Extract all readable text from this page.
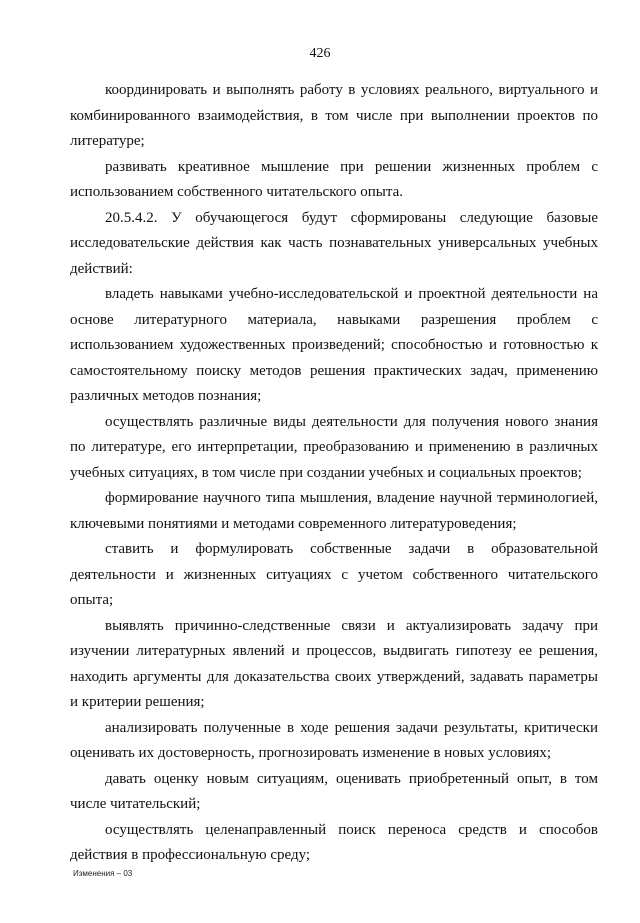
426

координировать и выполнять работу в условиях реального, виртуального и комбинированного взаимодействия, в том числе при выполнении проектов по литературе;

развивать креативное мышление при решении жизненных проблем с использованием собственного читательского опыта.

20.5.4.2. У обучающегося будут сформированы следующие базовые исследовательские действия как часть познавательных универсальных учебных действий:

владеть навыками учебно-исследовательской и проектной деятельности на основе литературного материала, навыками разрешения проблем с использованием художественных произведений; способностью и готовностью к самостоятельному поиску методов решения практических задач, применению различных методов познания;

осуществлять различные виды деятельности для получения нового знания по литературе, его интерпретации, преобразованию и применению в различных учебных ситуациях, в том числе при создании учебных и социальных проектов;

формирование научного типа мышления, владение научной терминологией, ключевыми понятиями и методами современного литературоведения;

ставить и формулировать собственные задачи в образовательной деятельности и жизненных ситуациях с учетом собственного читательского опыта;

выявлять причинно-следственные связи и актуализировать задачу при изучении литературных явлений и процессов, выдвигать гипотезу ее решения, находить аргументы для доказательства своих утверждений, задавать параметры и критерии решения;

анализировать полученные в ходе решения задачи результаты, критически оценивать их достоверность, прогнозировать изменение в новых условиях;

давать оценку новым ситуациям, оценивать приобретенный опыт, в том числе читательский;

осуществлять целенаправленный поиск переноса средств и способов действия в профессиональную среду;

Изменения – 03
